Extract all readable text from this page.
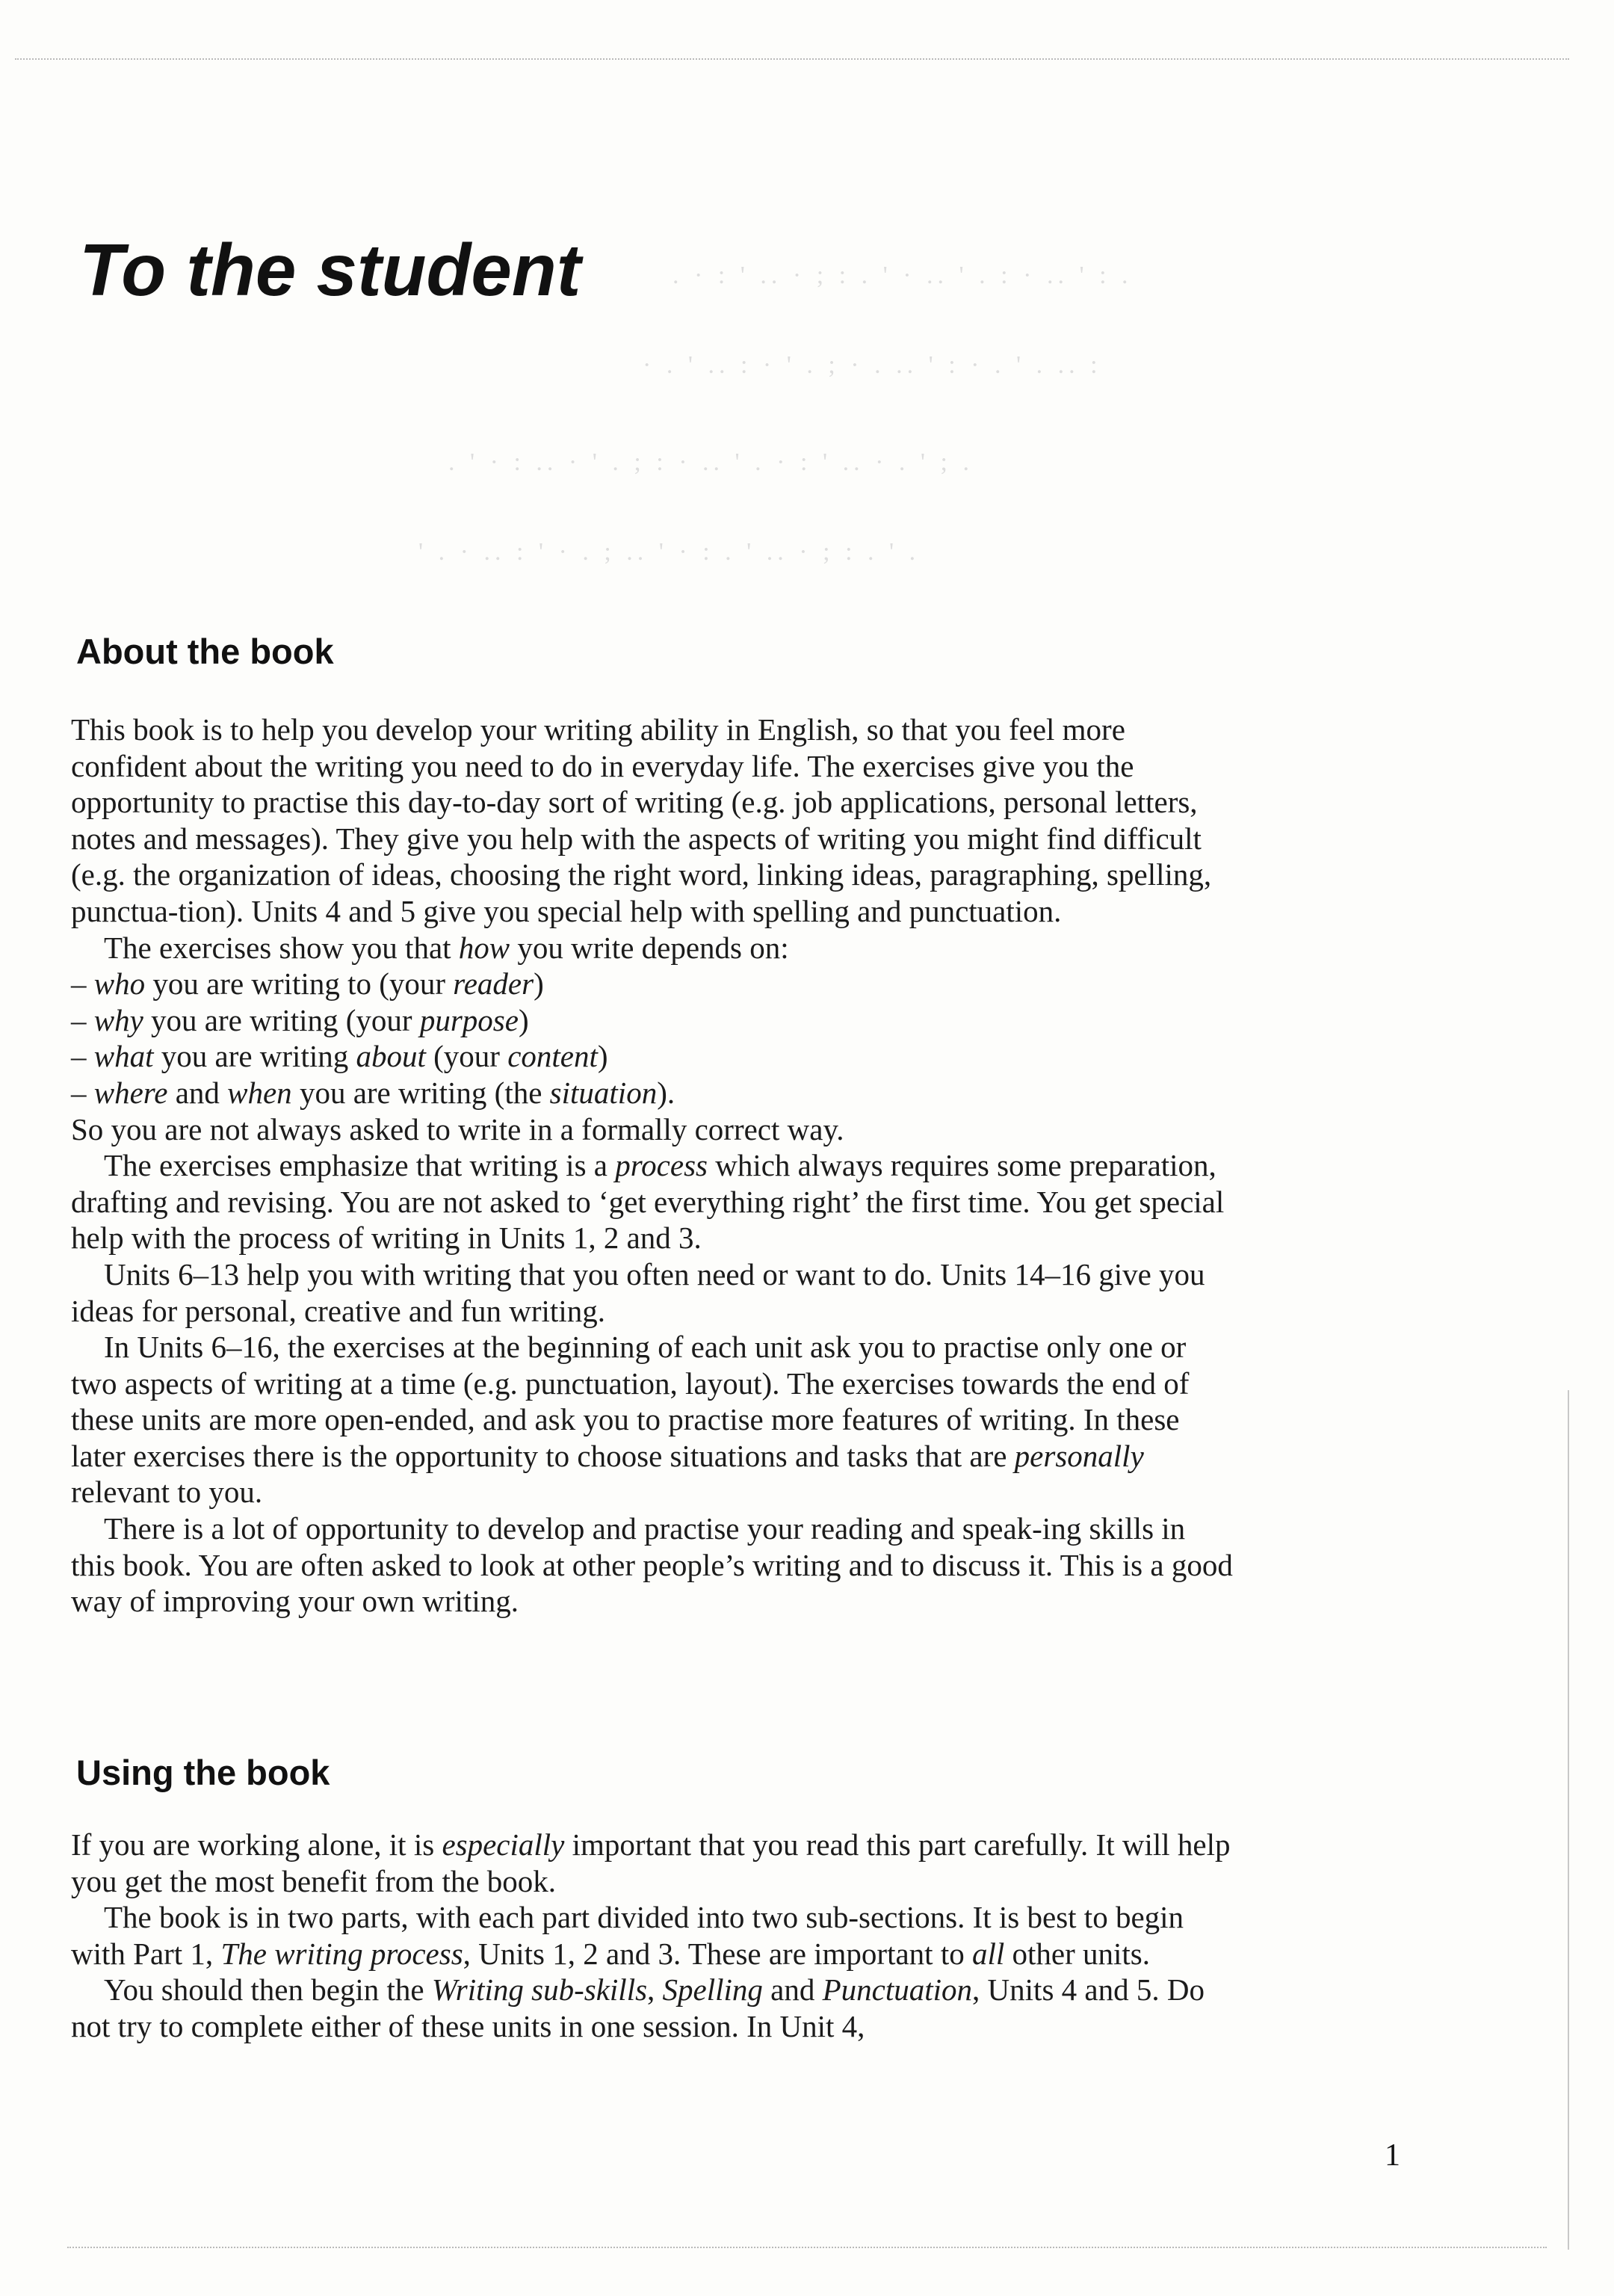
. · : ' .. · ; : . ' · .. ' . : · .. ' : .
· . ' .. : · ' . ; · . .. ' : · . ' . .. :
. ' · : .. · ' . ; : · .. ' . · : ' .. · . ' ; .
' . · .. : ' · . ; .. ' · : . ' .. · ; : . ' .
To the student
About the book

This book is to help you develop your writing ability in English, so that you feel more confident about the writing you need to do in everyday life. The exercises give you the opportunity to practise this day-to-day sort of writing (e.g. job applications, personal letters, notes and messages). They give you help with the aspects of writing you might find difficult (e.g. the organization of ideas, choosing the right word, linking ideas, paragraphing, spelling, punctua-tion). Units 4 and 5 give you special help with spelling and punctuation.

The exercises show you that how you write depends on:

– who you are writing to (your reader)
– why you are writing (your purpose)
– what you are writing about (your content)
– where and when you are writing (the situation).

So you are not always asked to write in a formally correct way.

The exercises emphasize that writing is a process which always requires some preparation, drafting and revising. You are not asked to ‘get everything right’ the first time. You get special help with the process of writing in Units 1, 2 and 3.

Units 6–13 help you with writing that you often need or want to do. Units 14–16 give you ideas for personal, creative and fun writing.

In Units 6–16, the exercises at the beginning of each unit ask you to practise only one or two aspects of writing at a time (e.g. punctuation, layout). The exercises towards the end of these units are more open-ended, and ask you to practise more features of writing. In these later exercises there is the opportunity to choose situations and tasks that are personally relevant to you.

There is a lot of opportunity to develop and practise your reading and speak-ing skills in this book. You are often asked to look at other people’s writing and to discuss it. This is a good way of improving your own writing.

Using the book

If you are working alone, it is especially important that you read this part carefully. It will help you get the most benefit from the book.

The book is in two parts, with each part divided into two sub-sections. It is best to begin with Part 1, The writing process, Units 1, 2 and 3. These are important to all other units.

You should then begin the Writing sub-skills, Spelling and Punctuation, Units 4 and 5. Do not try to complete either of these units in one session. In Unit 4,

1
